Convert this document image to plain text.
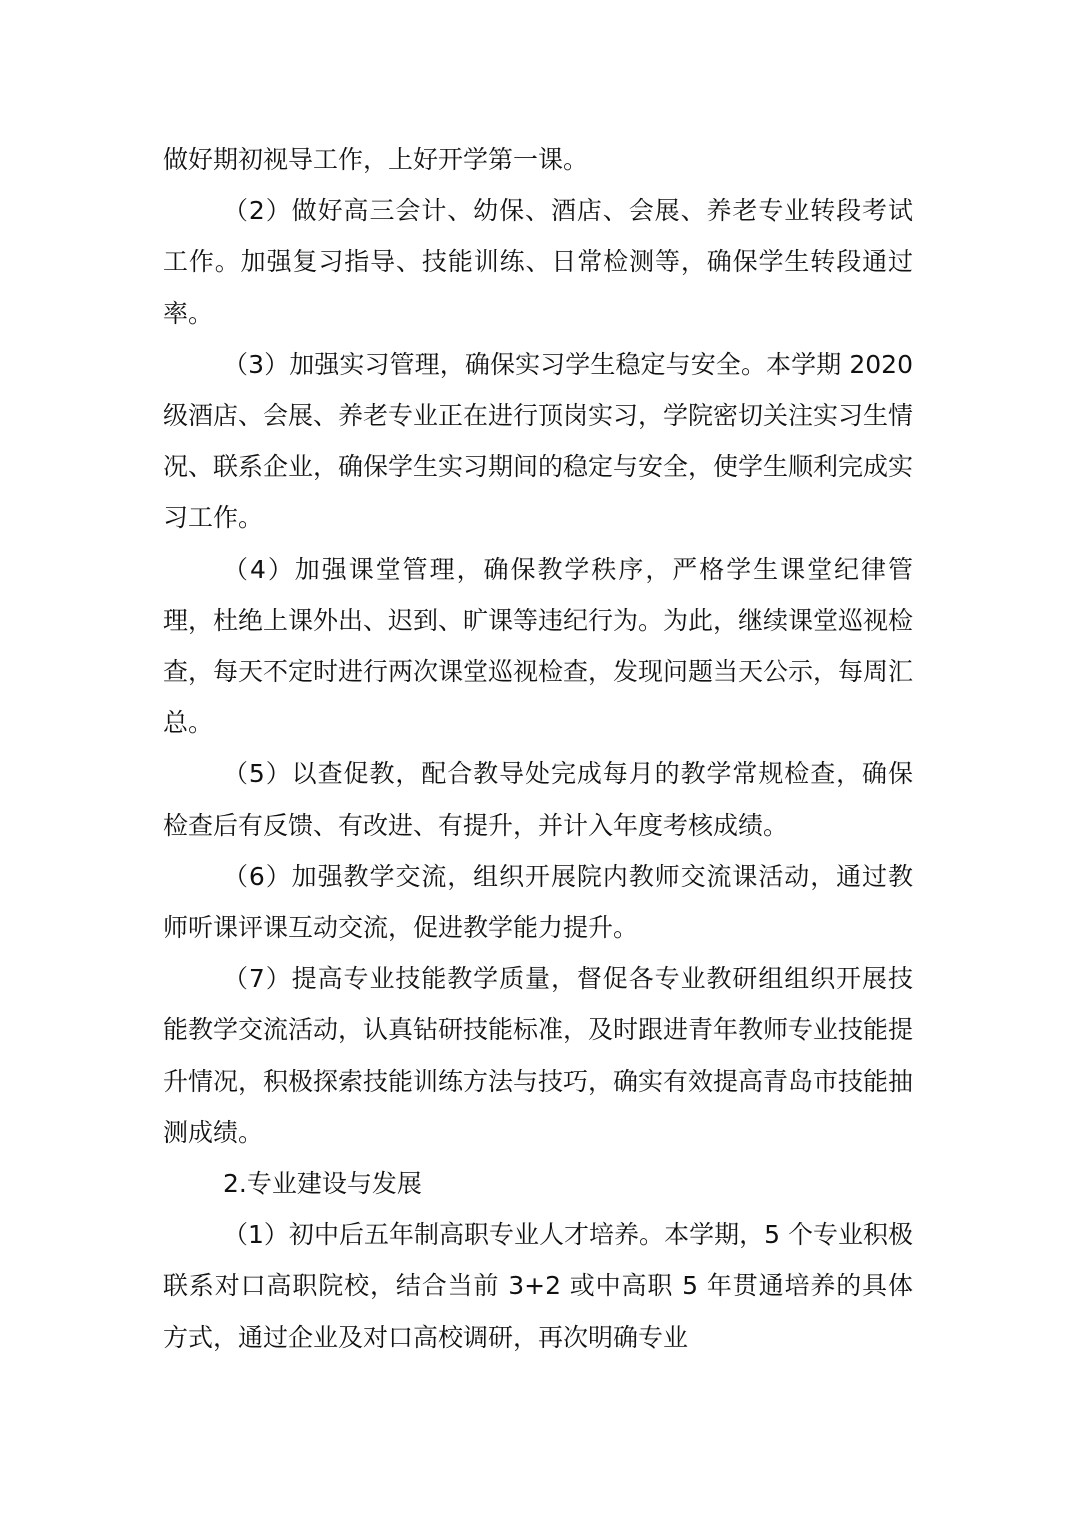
做好期初视导工作，上好开学第一课。

（2）做好高三会计、幼保、酒店、会展、养老专业转段考试工作。加强复习指导、技能训练、日常检测等，确保学生转段通过率。

（3）加强实习管理，确保实习学生稳定与安全。本学期 2020 级酒店、会展、养老专业正在进行顶岗实习，学院密切关注实习生情况、联系企业，确保学生实习期间的稳定与安全，使学生顺利完成实习工作。

（4）加强课堂管理，确保教学秩序，严格学生课堂纪律管理，杜绝上课外出、迟到、旷课等违纪行为。为此，继续课堂巡视检查，每天不定时进行两次课堂巡视检查，发现问题当天公示，每周汇总。

（5）以查促教，配合教导处完成每月的教学常规检查，确保检查后有反馈、有改进、有提升，并计入年度考核成绩。

（6）加强教学交流，组织开展院内教师交流课活动，通过教师听课评课互动交流，促进教学能力提升。

（7）提高专业技能教学质量，督促各专业教研组组织开展技能教学交流活动，认真钻研技能标准，及时跟进青年教师专业技能提升情况，积极探索技能训练方法与技巧，确实有效提高青岛市技能抽测成绩。

2.专业建设与发展

（1）初中后五年制高职专业人才培养。本学期，5 个专业积极联系对口高职院校，结合当前 3+2 或中高职 5 年贯通培养的具体方式，通过企业及对口高校调研，再次明确专业
